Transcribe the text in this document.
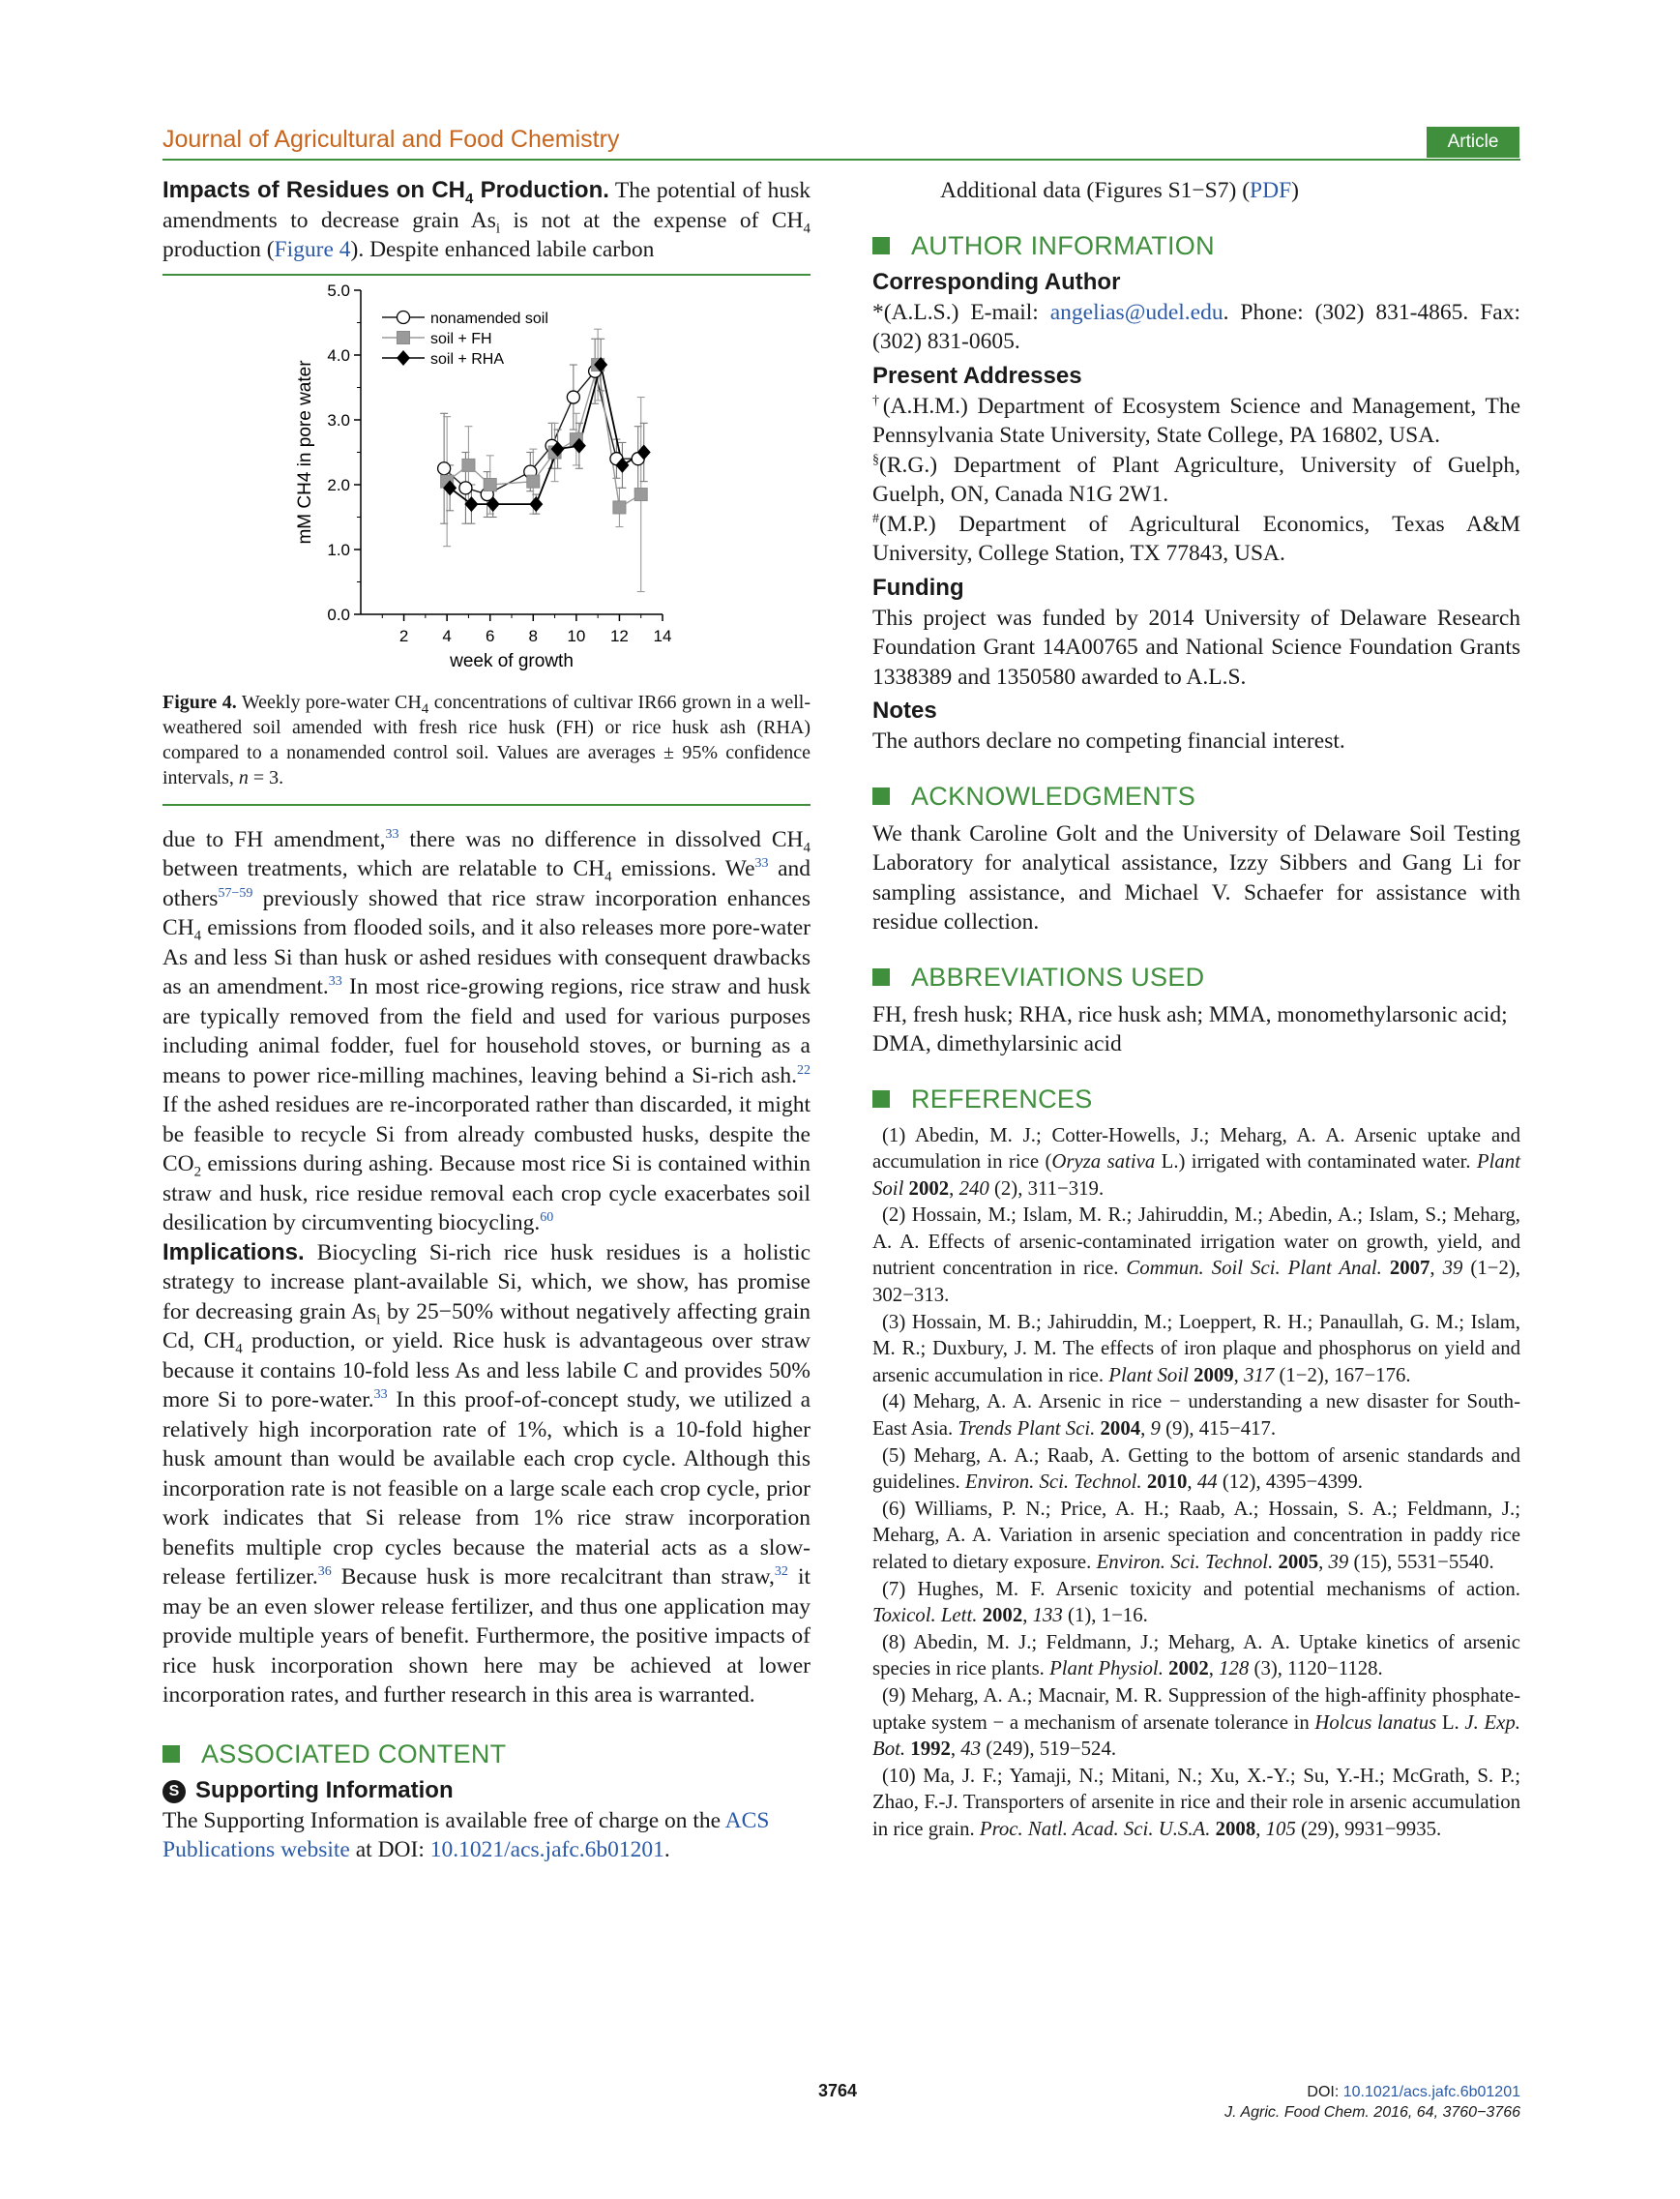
Journal of Agricultural and Food Chemistry	Article

Impacts of Residues on $CH_4$ Production. The potential of husk amendments to decrease grain $As_i$ is not at the expense of $CH_4$ production (Figure 4). Despite enhanced labile carbon

0.0
1.0
2.0
3.0
4.0
5.0
2 4 6 8 10 12 14
week of growth
mM CH4 in pore water
nonamended soil
soil + FH
soil + RHA
Figure 4. Weekly pore-water $CH_4$ concentrations of cultivar IR66 grown in a well-weathered soil amended with fresh rice husk (FH) or rice husk ash (RHA) compared to a nonamended control soil. Values are averages ± 95% confidence intervals, n = 3.

due to FH amendment,$^{33}$ there was no difference in dissolved $CH_4$ between treatments, which are relatable to $CH_4$ emissions. We$^{33}$ and others$^{57-59}$ previously showed that rice straw incorporation enhances $CH_4$ emissions from flooded soils, and it also releases more pore-water As and less Si than husk or ashed residues with consequent drawbacks as an amendment.$^{33}$ In most rice-growing regions, rice straw and husk are typically removed from the field and used for various purposes including animal fodder, fuel for household stoves, or burning as a means to power rice-milling machines, leaving behind a Si-rich ash.$^{22}$ If the ashed residues are re-incorporated rather than discarded, it might be feasible to recycle Si from already combusted husks, despite the $CO_2$ emissions during ashing. Because most rice Si is contained within straw and husk, rice residue removal each crop cycle exacerbates soil desilication by circumventing biocycling.$^{60}$

Implications. Biocycling Si-rich rice husk residues is a holistic strategy to increase plant-available Si, which, we show, has promise for decreasing grain $As_i$ by 25−50% without negatively affecting grain Cd, $CH_4$ production, or yield. Rice husk is advantageous over straw because it contains 10-fold less As and less labile C and provides 50% more Si to pore-water.$^{33}$ In this proof-of-concept study, we utilized a relatively high incorporation rate of 1%, which is a 10-fold higher husk amount than would be available each crop cycle. Although this incorporation rate is not feasible on a large scale each crop cycle, prior work indicates that Si release from 1% rice straw incorporation benefits multiple crop cycles because the material acts as a slow-release fertilizer.$^{36}$ Because husk is more recalcitrant than straw,$^{32}$ it may be an even slower release fertilizer, and thus one application may provide multiple years of benefit. Furthermore, the positive impacts of rice husk incorporation shown here may be achieved at lower incorporation rates, and further research in this area is warranted.

ASSOCIATED CONTENT
S Supporting Information

The Supporting Information is available free of charge on the ACS Publications website at DOI: 10.1021/acs.jafc.6b01201.

Additional data (Figures S1−S7) (PDF)

AUTHOR INFORMATION
Corresponding Author

*(A.L.S.) E-mail: angelias@udel.edu. Phone: (302) 831-4865. Fax: (302) 831-0605.

Present Addresses

†(A.H.M.) Department of Ecosystem Science and Management, The Pennsylvania State University, State College, PA 16802, USA.

§(R.G.) Department of Plant Agriculture, University of Guelph, Guelph, ON, Canada N1G 2W1.

#(M.P.) Department of Agricultural Economics, Texas A&M University, College Station, TX 77843, USA.

Funding

This project was funded by 2014 University of Delaware Research Foundation Grant 14A00765 and National Science Foundation Grants 1338389 and 1350580 awarded to A.L.S.

Notes

The authors declare no competing financial interest.

ACKNOWLEDGMENTS

We thank Caroline Golt and the University of Delaware Soil Testing Laboratory for analytical assistance, Izzy Sibbers and Gang Li for sampling assistance, and Michael V. Schaefer for assistance with residue collection.

ABBREVIATIONS USED

FH, fresh husk; RHA, rice husk ash; MMA, monomethylarsonic acid; DMA, dimethylarsinic acid

REFERENCES

(1) Abedin, M. J.; Cotter-Howells, J.; Meharg, A. A. Arsenic uptake and accumulation in rice (Oryza sativa L.) irrigated with contaminated water. Plant Soil 2002, 240 (2), 311−319.

(2) Hossain, M.; Islam, M. R.; Jahiruddin, M.; Abedin, A.; Islam, S.; Meharg, A. A. Effects of arsenic-contaminated irrigation water on growth, yield, and nutrient concentration in rice. Commun. Soil Sci. Plant Anal. 2007, 39 (1−2), 302−313.

(3) Hossain, M. B.; Jahiruddin, M.; Loeppert, R. H.; Panaullah, G. M.; Islam, M. R.; Duxbury, J. M. The effects of iron plaque and phosphorus on yield and arsenic accumulation in rice. Plant Soil 2009, 317 (1−2), 167−176.

(4) Meharg, A. A. Arsenic in rice − understanding a new disaster for South-East Asia. Trends Plant Sci. 2004, 9 (9), 415−417.

(5) Meharg, A. A.; Raab, A. Getting to the bottom of arsenic standards and guidelines. Environ. Sci. Technol. 2010, 44 (12), 4395−4399.

(6) Williams, P. N.; Price, A. H.; Raab, A.; Hossain, S. A.; Feldmann, J.; Meharg, A. A. Variation in arsenic speciation and concentration in paddy rice related to dietary exposure. Environ. Sci. Technol. 2005, 39 (15), 5531−5540.

(7) Hughes, M. F. Arsenic toxicity and potential mechanisms of action. Toxicol. Lett. 2002, 133 (1), 1−16.

(8) Abedin, M. J.; Feldmann, J.; Meharg, A. A. Uptake kinetics of arsenic species in rice plants. Plant Physiol. 2002, 128 (3), 1120−1128.

(9) Meharg, A. A.; Macnair, M. R. Suppression of the high-affinity phosphate-uptake system − a mechanism of arsenate tolerance in Holcus lanatus L. J. Exp. Bot. 1992, 43 (249), 519−524.

(10) Ma, J. F.; Yamaji, N.; Mitani, N.; Xu, X.-Y.; Su, Y.-H.; McGrath, S. P.; Zhao, F.-J. Transporters of arsenite in rice and their role in arsenic accumulation in rice grain. Proc. Natl. Acad. Sci. U.S.A. 2008, 105 (29), 9931−9935.

3764	DOI: 10.1021/acs.jafc.6b01201
J. Agric. Food Chem. 2016, 64, 3760−3766
